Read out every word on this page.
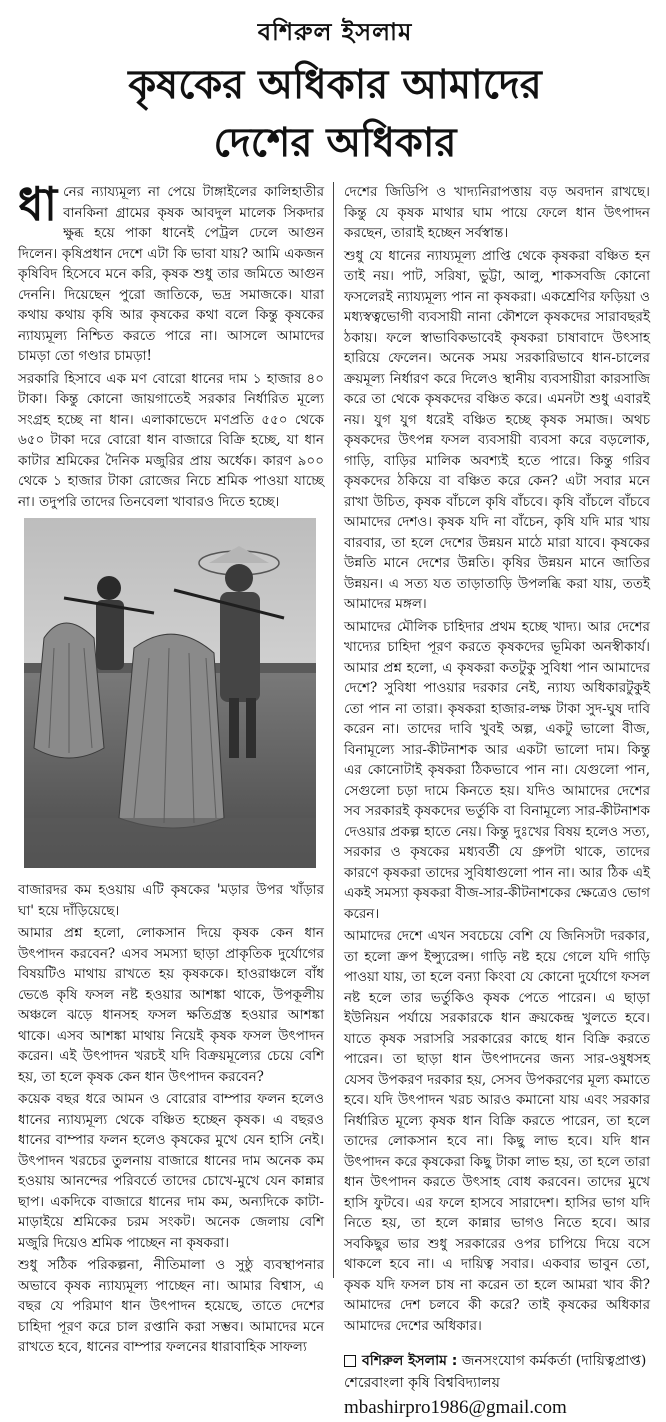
বশিরুল ইসলাম
কৃষকের অধিকার আমাদের
দেশের অধিকার

ধানের ন্যায্যমূল্য না পেয়ে টাঙ্গাইলের কালিহাতীর বানকিনা গ্রামের কৃষক আবদুল মালেক সিকদার ক্ষুব্ধ হয়ে পাকা ধানেই পেট্রল ঢেলে আগুন দিলেন। কৃষিপ্রধান দেশে এটা কি ভাবা যায়? আমি একজন কৃষিবিদ হিসেবে মনে করি, কৃষক শুধু তার জমিতে আগুন দেননি। দিয়েছেন পুরো জাতিকে, ভদ্র সমাজকে। যারা কথায় কথায় কৃষি আর কৃষকের কথা বলে কিন্তু কৃষকের ন্যায্যমূল্য নিশ্চিত করতে পারে না। আসলে আমাদের চামড়া তো গণ্ডার চামড়া!

সরকারি হিসাবে এক মণ বোরো ধানের দাম ১ হাজার ৪০ টাকা। কিন্তু কোনো জায়গাতেই সরকার নির্ধারিত মূল্যে সংগ্রহ হচ্ছে না ধান। এলাকাভেদে মণপ্রতি ৫৫০ থেকে ৬৫০ টাকা দরে বোরো ধান বাজারে বিক্রি হচ্ছে, যা ধান কাটার শ্রমিকের দৈনিক মজুরির প্রায় অর্ধেক। কারণ ৯০০ থেকে ১ হাজার টাকা রোজের নিচে শ্রমিক পাওয়া যাচ্ছে না। তদুপরি তাদের তিনবেলা খাবারও দিতে হচ্ছে।

বাজারদর কম হওয়ায় এটি কৃষকের 'মড়ার উপর খাঁড়ার ঘা' হয়ে দাঁড়িয়েছে।

আমার প্রশ্ন হলো, লোকসান দিয়ে কৃষক কেন ধান উৎপাদন করবেন? এসব সমস্যা ছাড়া প্রাকৃতিক দুর্যোগের বিষয়টিও মাথায় রাখতে হয় কৃষককে। হাওরাঞ্চলে বাঁধ ভেঙে কৃষি ফসল নষ্ট হওয়ার আশঙ্কা থাকে, উপকূলীয় অঞ্চলে ঝড়ে ধানসহ ফসল ক্ষতিগ্রস্ত হওয়ার আশঙ্কা থাকে। এসব আশঙ্কা মাথায় নিয়েই কৃষক ফসল উৎপাদন করেন। এই উৎপাদন খরচই যদি বিক্রয়মূল্যের চেয়ে বেশি হয়, তা হলে কৃষক কেন ধান উৎপাদন করবেন?

কয়েক বছর ধরে আমন ও বোরোর বাম্পার ফলন হলেও ধানের ন্যায্যমূল্য থেকে বঞ্চিত হচ্ছেন কৃষক। এ বছরও ধানের বাম্পার ফলন হলেও কৃষকের মুখে যেন হাসি নেই। উৎপাদন খরচের তুলনায় বাজারে ধানের দাম অনেক কম হওয়ায় আনন্দের পরিবর্তে তাদের চোখে-মুখে যেন কান্নার ছাপ। একদিকে বাজারে ধানের দাম কম, অন্যদিকে কাটা-মাড়াইয়ে শ্রমিকের চরম সংকট। অনেক জেলায় বেশি মজুরি দিয়েও শ্রমিক পাচ্ছেন না কৃষকরা।

শুধু সঠিক পরিকল্পনা, নীতিমালা ও সুষ্ঠু ব্যবস্থাপনার অভাবে কৃষক ন্যায্যমূল্য পাচ্ছেন না। আমার বিশ্বাস, এ বছর যে পরিমাণ ধান উৎপাদন হয়েছে, তাতে দেশের চাহিদা পূরণ করে চাল রপ্তানি করা সম্ভব। আমাদের মনে রাখতে হবে, ধানের বাম্পার ফলনের ধারাবাহিক সাফল্য

দেশের জিডিপি ও খাদ্যনিরাপত্তায় বড় অবদান রাখছে। কিন্তু যে কৃষক মাথার ঘাম পায়ে ফেলে ধান উৎপাদন করছেন, তারাই হচ্ছেন সর্বস্বান্ত।

শুধু যে ধানের ন্যায্যমূল্য প্রাপ্তি থেকে কৃষকরা বঞ্চিত হন তাই নয়। পাট, সরিষা, ভুট্টা, আলু, শাকসবজি কোনো ফসলেরই ন্যায্যমূল্য পান না কৃষকরা। একশ্রেণির ফড়িয়া ও মধ্যস্বত্বভোগী ব্যবসায়ী নানা কৌশলে কৃষকদের সারাবছরই ঠকায়। ফলে স্বাভাবিকভাবেই কৃষকরা চাষাবাদে উৎসাহ হারিয়ে ফেলেন। অনেক সময় সরকারিভাবে ধান-চালের ক্রয়মূল্য নির্ধারণ করে দিলেও স্থানীয় ব্যবসায়ীরা কারসাজি করে তা থেকে কৃষকদের বঞ্চিত করে। এমনটা শুধু এবারই নয়। যুগ যুগ ধরেই বঞ্চিত হচ্ছে কৃষক সমাজ। অথচ কৃষকদের উৎপন্ন ফসল ব্যবসায়ী ব্যবসা করে বড়লোক, গাড়ি, বাড়ির মালিক অবশ্যই হতে পারে। কিন্তু গরিব কৃষকদের ঠকিয়ে বা বঞ্চিত করে কেন? এটা সবার মনে রাখা উচিত, কৃষক বাঁচলে কৃষি বাঁচবে। কৃষি বাঁচলে বাঁচবে আমাদের দেশও। কৃষক যদি না বাঁচেন, কৃষি যদি মার খায় বারবার, তা হলে দেশের উন্নয়ন মাঠে মারা যাবে। কৃষকের উন্নতি মানে দেশের উন্নতি। কৃষির উন্নয়ন মানে জাতির উন্নয়ন। এ সত্য যত তাড়াতাড়ি উপলব্ধি করা যায়, ততই আমাদের মঙ্গল।

আমাদের মৌলিক চাহিদার প্রথম হচ্ছে খাদ্য। আর দেশের খাদ্যের চাহিদা পূরণ করতে কৃষকদের ভূমিকা অনস্বীকার্য। আমার প্রশ্ন হলো, এ কৃষকরা কতটুকু সুবিধা পান আমাদের দেশে? সুবিধা পাওয়ার দরকার নেই, ন্যায্য অধিকারটুকুই তো পান না তারা। কৃষকরা হাজার-লক্ষ টাকা সুদ-ঘুষ দাবি করেন না। তাদের দাবি খুবই অল্প, একটু ভালো বীজ, বিনামূল্যে সার-কীটনাশক আর একটা ভালো দাম। কিন্তু এর কোনোটাই কৃষকরা ঠিকভাবে পান না। যেগুলো পান, সেগুলো চড়া দামে কিনতে হয়। যদিও আমাদের দেশের সব সরকারই কৃষকদের ভর্তুকি বা বিনামূল্যে সার-কীটনাশক দেওয়ার প্রকল্প হাতে নেয়। কিন্তু দুঃখের বিষয় হলেও সত্য, সরকার ও কৃষকের মধ্যবর্তী যে গ্রুপটা থাকে, তাদের কারণে কৃষকরা তাদের সুবিধাগুলো পান না। আর ঠিক এই একই সমস্যা কৃষকরা বীজ-সার-কীটনাশকের ক্ষেত্রেও ভোগ করেন।

আমাদের দেশে এখন সবচেয়ে বেশি যে জিনিসটা দরকার, তা হলো ক্রপ ইন্স্যুরেন্স। গাড়ি নষ্ট হয়ে গেলে যদি গাড়ি পাওয়া যায়, তা হলে বন্যা কিংবা যে কোনো দুর্যোগে ফসল নষ্ট হলে তার ভর্তুকিও কৃষক পেতে পারেন। এ ছাড়া ইউনিয়ন পর্যায়ে সরকারকে ধান ক্রয়কেন্দ্র খুলতে হবে। যাতে কৃষক সরাসরি সরকারের কাছে ধান বিক্রি করতে পারেন। তা ছাড়া ধান উৎপাদনের জন্য সার-ওষুধসহ যেসব উপকরণ দরকার হয়, সেসব উপকরণের মূল্য কমাতে হবে। যদি উৎপাদন খরচ আরও কমানো যায় এবং সরকার নির্ধারিত মূল্যে কৃষক ধান বিক্রি করতে পারেন, তা হলে তাদের লোকসান হবে না। কিছু লাভ হবে। যদি ধান উৎপাদন করে কৃষকেরা কিছু টাকা লাভ হয়, তা হলে তারা ধান উৎপাদন করতে উৎসাহ বোধ করবেন। তাদের মুখে হাসি ফুটবে। এর ফলে হাসবে সারাদেশ। হাসির ভাগ যদি নিতে হয়, তা হলে কান্নার ভাগও নিতে হবে। আর সবকিছুর ভার শুধু সরকারের ওপর চাপিয়ে দিয়ে বসে থাকলে হবে না। এ দায়িত্ব সবার। একবার ভাবুন তো, কৃষক যদি ফসল চাষ না করেন তা হলে আমরা খাব কী? আমাদের দেশ চলবে কী করে? তাই কৃষকের অধিকার আমাদের দেশের অধিকার।

বশিরুল ইসলাম : জনসংযোগ কর্মকর্তা (দায়িত্বপ্রাপ্ত)
শেরেবাংলা কৃষি বিশ্ববিদ্যালয়
mbashirpro1986@gmail.com
